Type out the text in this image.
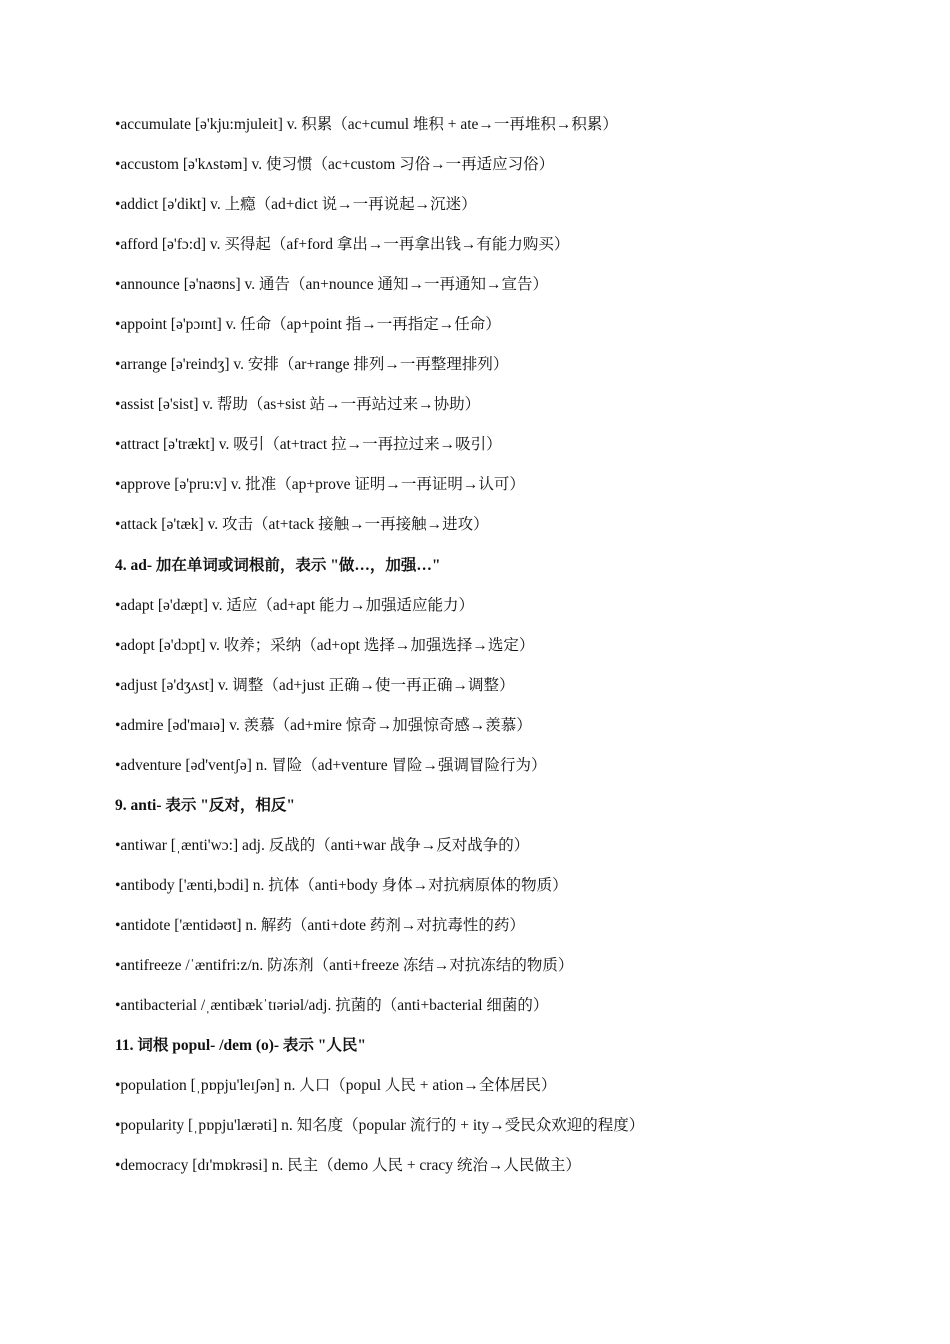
•accumulate [ə'kju:mjuleit] v. 积累（ac+cumul 堆积 + ate→一再堆积→积累）
•accustom [ə'kʌstəm] v. 使习惯（ac+custom 习俗→一再适应习俗）
•addict [ə'dikt] v. 上瘾（ad+dict 说→一再说起→沉迷）
•afford [ə'fɔ:d] v. 买得起（af+ford 拿出→一再拿出钱→有能力购买）
•announce [ə'naʊns] v. 通告（an+nounce 通知→一再通知→宣告）
•appoint [ə'pɔɪnt] v. 任命（ap+point 指→一再指定→任命）
•arrange [ə'reindʒ] v. 安排（ar+range 排列→一再整理排列）
•assist [ə'sist] v. 帮助（as+sist 站→一再站过来→协助）
•attract [ə'trækt] v. 吸引（at+tract 拉→一再拉过来→吸引）
•approve [ə'pru:v] v. 批准（ap+prove 证明→一再证明→认可）
•attack [ə'tæk] v. 攻击（at+tack 接触→一再接触→进攻）
4. ad- 加在单词或词根前，表示 "做…，加强…"
•adapt [ə'dæpt] v. 适应（ad+apt 能力→加强适应能力）
•adopt [ə'dɔpt] v. 收养；采纳（ad+opt 选择→加强选择→选定）
•adjust [ə'dʒʌst] v. 调整（ad+just 正确→使一再正确→调整）
•admire [əd'maɪə] v. 羡慕（ad+mire 惊奇→加强惊奇感→羡慕）
•adventure [əd'ventʃə] n. 冒险（ad+venture 冒险→强调冒险行为）
9. anti- 表示 "反对，相反"
•antiwar [ˌænti'wɔ:] adj. 反战的（anti+war 战争→反对战争的）
•antibody ['ænti,bɔdi] n. 抗体（anti+body 身体→对抗病原体的物质）
•antidote ['æntidəʊt] n. 解药（anti+dote 药剂→对抗毒性的药）
•antifreeze /ˈæntifri:z/n. 防冻剂（anti+freeze 冻结→对抗冻结的物质）
•antibacterial /ˌæntibækˈtɪəriəl/adj. 抗菌的（anti+bacterial 细菌的）
11. 词根 popul- /dem (o)- 表示 "人民"
•population [ˌpɒpju'leɪʃən] n. 人口（popul 人民 + ation→全体居民）
•popularity [ˌpɒpju'lærəti] n. 知名度（popular 流行的 + ity→受民众欢迎的程度）
•democracy [dɪ'mɒkrəsi] n. 民主（demo 人民 + cracy 统治→人民做主）
